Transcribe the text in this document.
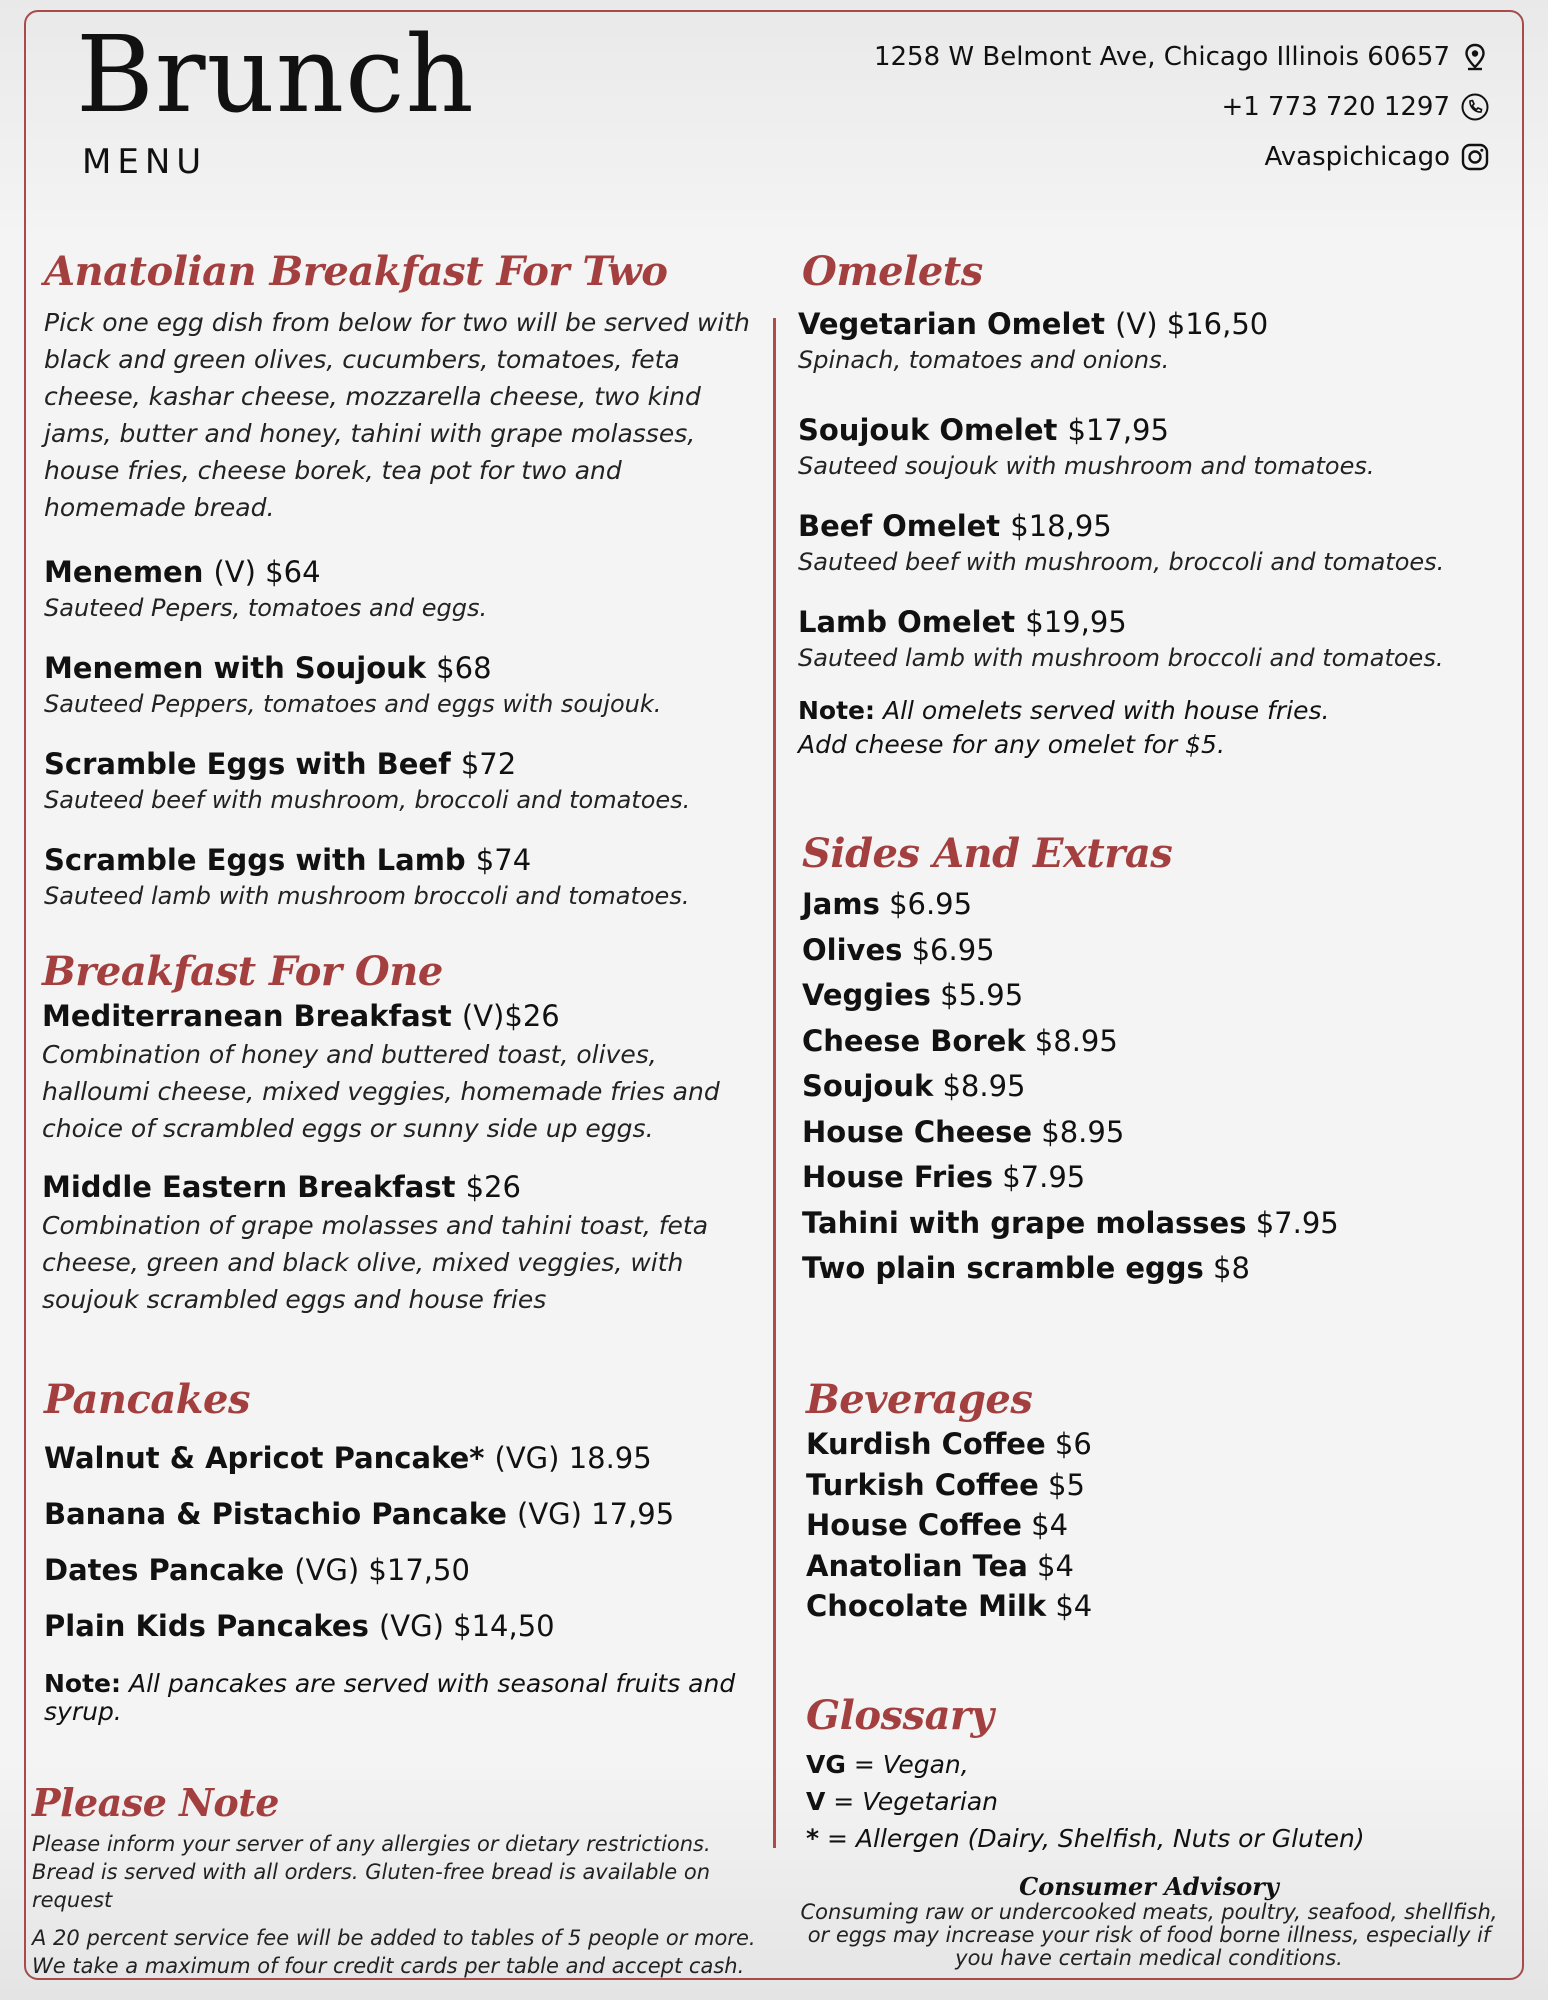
Brunch
MENU
1258 W Belmont Ave, Chicago Illinois 60657
+1 773 720 1297
Avaspichicago
Anatolian Breakfast For Two
Pick one egg dish from below for two will be served with black and green olives, cucumbers, tomatoes, feta cheese, kashar cheese, mozzarella cheese, two kind jams, butter and honey, tahini with grape molasses, house fries, cheese borek, tea pot for two and homemade bread.
Menemen (V) $64
Sauteed Pepers, tomatoes and eggs.
Menemen with Soujouk $68
Sauteed Peppers, tomatoes and eggs with soujouk.
Scramble Eggs with Beef $72
Sauteed beef with mushroom, broccoli and tomatoes.
Scramble Eggs with Lamb $74
Sauteed lamb with mushroom broccoli and tomatoes.
Breakfast For One
Mediterranean Breakfast (V)$26
Combination of honey and buttered toast, olives, halloumi cheese, mixed veggies, homemade fries and choice of scrambled eggs or sunny side up eggs.
Middle Eastern Breakfast $26
Combination of grape molasses and tahini toast, feta cheese, green and black olive, mixed veggies, with soujouk scrambled eggs and house fries
Pancakes
Walnut & Apricot Pancake* (VG) 18.95
Banana & Pistachio Pancake (VG) 17,95
Dates Pancake (VG) $17,50
Plain Kids Pancakes (VG) $14,50
Note: All pancakes are served with seasonal fruits and syrup.
Please Note
Please inform your server of any allergies or dietary restrictions.
Bread is served with all orders. Gluten-free bread is available on request
A 20 percent service fee will be added to tables of 5 people or more.
We take a maximum of four credit cards per table and accept cash.
Omelets
Vegetarian Omelet (V) $16,50
Spinach, tomatoes and onions.
Soujouk Omelet $17,95
Sauteed soujouk with mushroom and tomatoes.
Beef Omelet $18,95
Sauteed beef with mushroom, broccoli and tomatoes.
Lamb Omelet $19,95
Sauteed lamb with mushroom broccoli and tomatoes.
Note: All omelets served with house fries.
Add cheese for any omelet for $5.
Sides And Extras
Jams $6.95
Olives $6.95
Veggies $5.95
Cheese Borek $8.95
Soujouk $8.95
House Cheese $8.95
House Fries $7.95
Tahini with grape molasses $7.95
Two plain scramble eggs $8
Beverages
Kurdish Coffee $6
Turkish Coffee $5
House Coffee $4
Anatolian Tea $4
Chocolate Milk $4
Glossary
VG = Vegan,
V = Vegetarian
* = Allergen (Dairy, Shelfish, Nuts or Gluten)
Consumer Advisory
Consuming raw or undercooked meats, poultry, seafood, shellfish, or eggs may increase your risk of food borne illness, especially if you have certain medical conditions.
